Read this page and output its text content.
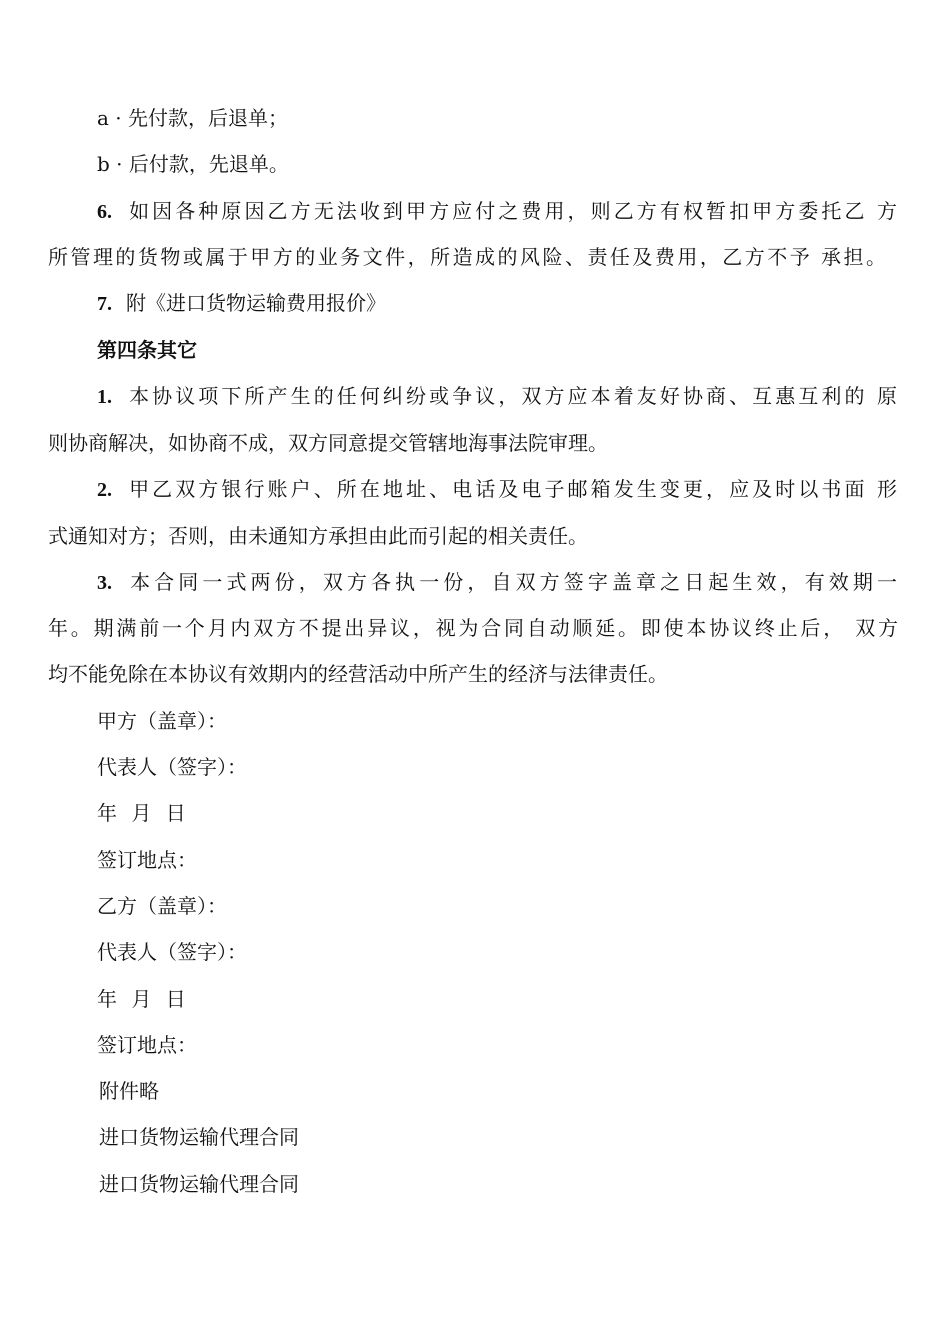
a · 先付款，后退单；
b · 后付款，先退单。
6. 如因各种原因乙方无法收到甲方应付之费用，则乙方有权暂扣甲方委托乙 方
所管理的货物或属于甲方的业务文件，所造成的风险、责任及费用，乙方不予 承担。
7. 附《进口货物运输费用报价》
第四条其它
1. 本协议项下所产生的任何纠纷或争议，双方应本着友好协商、互惠互利的 原
则协商解决，如协商不成，双方同意提交管辖地海事法院审理。
2. 甲乙双方银行账户、所在地址、电话及电子邮箱发生变更，应及时以书面 形
式通知对方；否则，由未通知方承担由此而引起的相关责任。
3. 本合同一式两份，双方各执一份，自双方签字盖章之日起生效，有效期一
年。期满前一个月内双方不提出异议，视为合同自动顺延。即使本协议终止后， 双方
均不能免除在本协议有效期内的经营活动中所产生的经济与法律责任。
甲方（盖章）：
代表人（签字）：
年 月 日
签订地点：
乙方（盖章）：
代表人（签字）：
年 月 日
签订地点：
附件略
进口货物运输代理合同
进口货物运输代理合同
